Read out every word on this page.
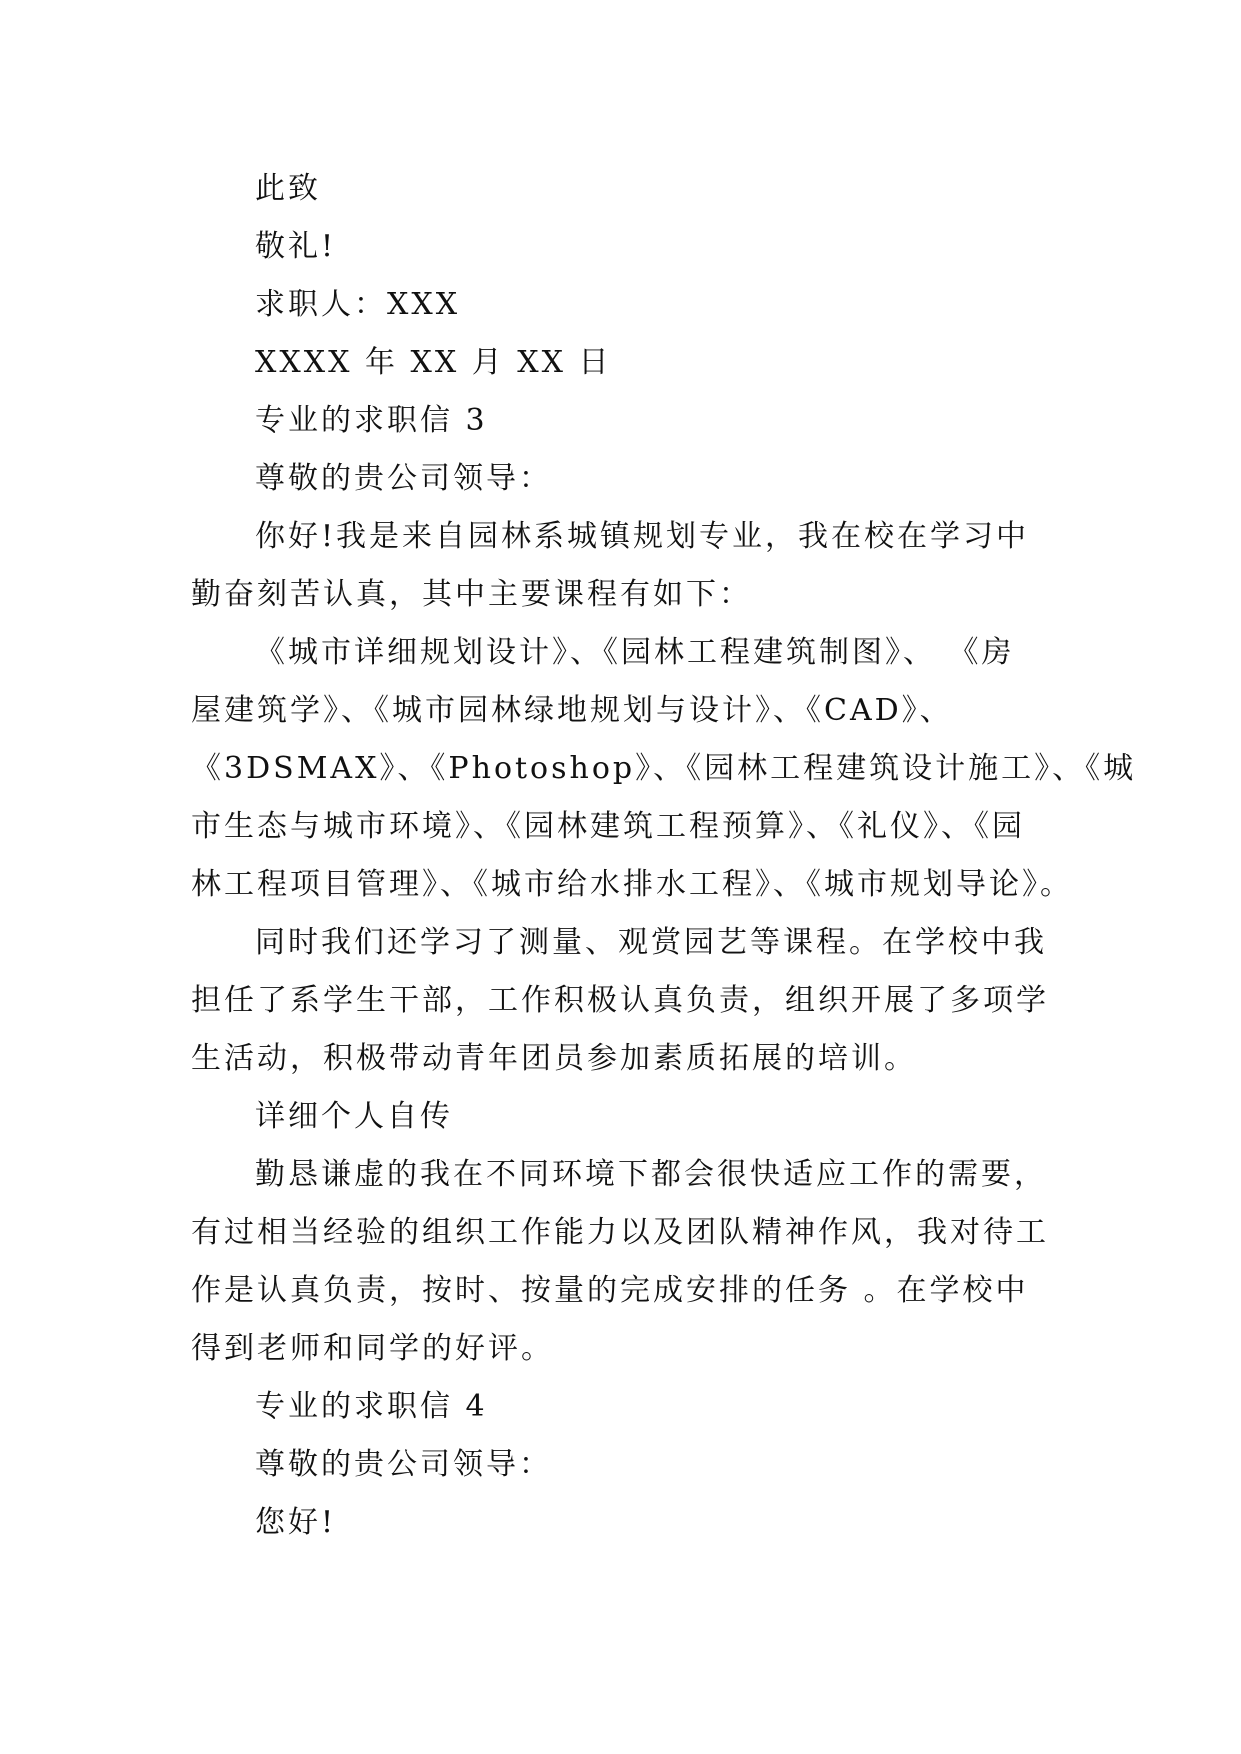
此致

敬礼!

求职人：XXX

XXXX 年 XX 月 XX 日

专业的求职信 3

尊敬的贵公司领导：

你好!我是来自园林系城镇规划专业，我在校在学习中
勤奋刻苦认真，其中主要课程有如下：
《城市详细规划设计》、《园林工程建筑制图》、 《房
屋建筑学》、《城市园林绿地规划与设计》、《CAD》、
《3DSMAX》、《Photoshop》、《园林工程建筑设计施工》、《城
市生态与城市环境》、《园林建筑工程预算》、《礼仪》、《园
林工程项目管理》、《城市给水排水工程》、《城市规划导论》。
同时我们还学习了测量、观赏园艺等课程。在学校中我
担任了系学生干部，工作积极认真负责，组织开展了多项学
生活动，积极带动青年团员参加素质拓展的培训。

详细个人自传

勤恳谦虚的我在不同环境下都会很快适应工作的需要，
有过相当经验的组织工作能力以及团队精神作风，我对待工
作是认真负责，按时、按量的完成安排的任务 。在学校中
得到老师和同学的好评。

专业的求职信 4

尊敬的贵公司领导：

您好!
